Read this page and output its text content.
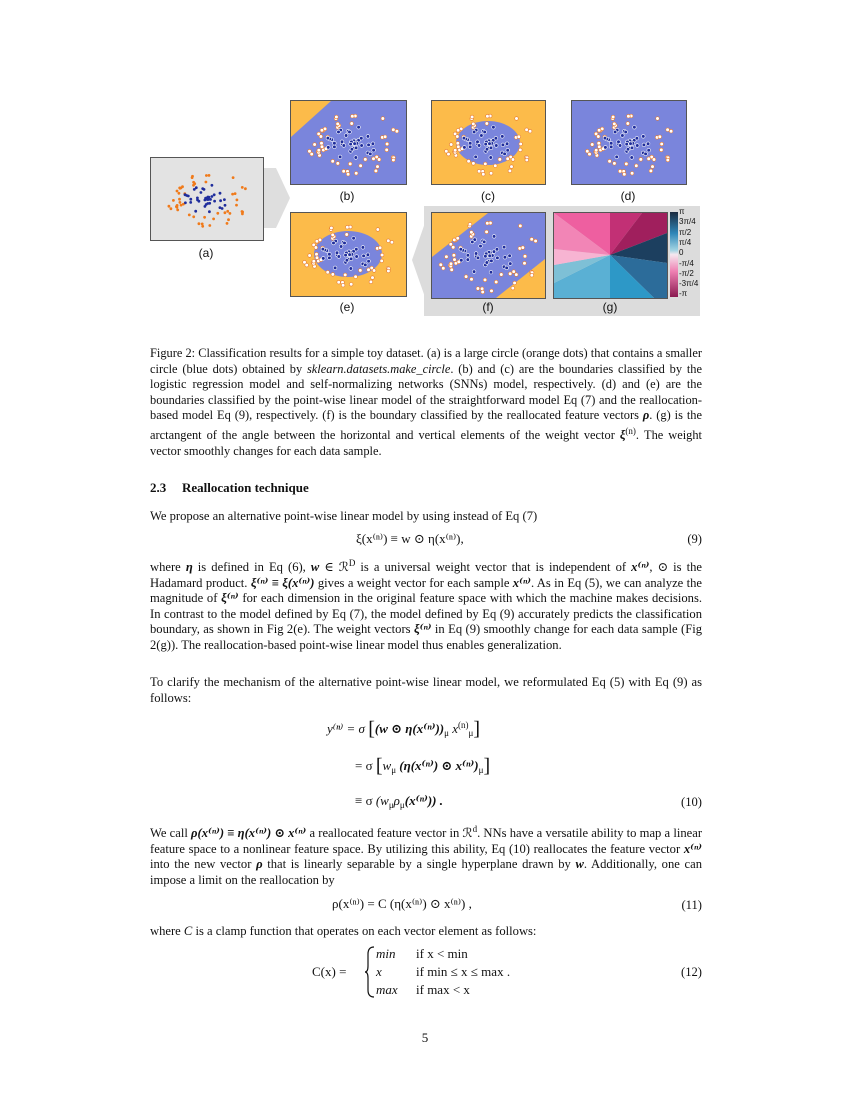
(a)
(b)	(c)	(d)
(e)	(f)	(g)
π
3π/4
π/2
π/4
0
-π/4
-π/2
-3π/4
-π
Figure 2: Classification results for a simple toy dataset. (a) is a large circle (orange dots) that contains a smaller circle (blue dots) obtained by sklearn.datasets.make_circle. (b) and (c) are the boundaries classified by the logistic regression model and self-normalizing networks (SNNs) model, respectively. (d) and (e) are the boundaries classified by the point-wise linear model of the straightforward model Eq (7) and the reallocation-based model Eq (9), respectively. (f) is the boundary classified by the reallocated feature vectors ρ. (g) is the arctangent of the angle between the horizontal and vertical elements of the weight vector $\xi^{(n)}$. The weight vector smoothly changes for each data sample.
2.3 Reallocation technique
We propose an alternative point-wise linear model by using instead of Eq (7)
ξ(x⁽ⁿ⁾) ≡ w ⊙ η(x⁽ⁿ⁾),	(9)
where η is defined in Eq (6), w ∈ ℛ$^D$ is a universal weight vector that is independent of x⁽ⁿ⁾, ⊙ is the Hadamard product. ξ⁽ⁿ⁾ ≡ ξ(x⁽ⁿ⁾) gives a weight vector for each sample x⁽ⁿ⁾. As in Eq (5), we can analyze the magnitude of ξ⁽ⁿ⁾ for each dimension in the original feature space with which the machine makes decisions. In contrast to the model defined by Eq (7), the model defined by Eq (9) accurately predicts the classification boundary, as shown in Fig 2(e). The weight vectors ξ⁽ⁿ⁾ in Eq (9) smoothly change for each data sample (Fig 2(g)). The reallocation-based point-wise linear model thus enables generalization.
To clarify the mechanism of the alternative point-wise linear model, we reformulated Eq (5) with Eq (9) as follows:
y⁽ⁿ⁾ = σ [(w ⊙ $\eta(x^{(n)}))_\mu$ $x^{(n)}_\mu$]
= σ [$w_\mu$ (η(x⁽ⁿ⁾) ⊙ $x^{(n)})_\mu$]
≡ σ $(w_\mu\rho_\mu(x^{(n)}))$ .	(10)
We call ρ(x⁽ⁿ⁾) ≡ η(x⁽ⁿ⁾) ⊙ x⁽ⁿ⁾ a reallocated feature vector in ℛ$^d$. NNs have a versatile ability to map a linear feature space to a nonlinear feature space. By utilizing this ability, Eq (10) reallocates the feature vector x⁽ⁿ⁾ into the new vector ρ that is linearly separable by a single hyperplane drawn by w. Additionally, one can impose a limit on the reallocation by
ρ(x⁽ⁿ⁾) = C (η(x⁽ⁿ⁾) ⊙ x⁽ⁿ⁾) ,	(11)
where C is a clamp function that operates on each vector element as follows:
C(x) =
min if x < min
x	if min ≤ x ≤ max .
max if max < x
(12)
5
